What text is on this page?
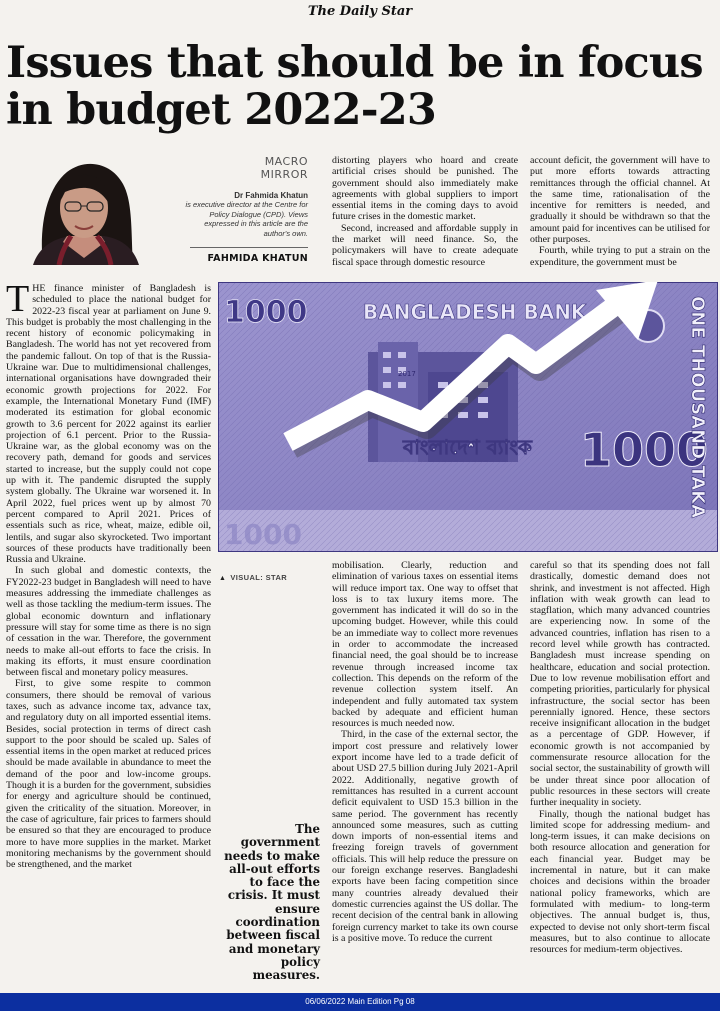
The Daily Star
Issues that should be in focus in budget 2022-23
MACRO
MIRROR
Dr Fahmida Khatun
is executive director at the Centre for Policy Dialogue (CPD). Views expressed in this article are the author's own.
FAHMIDA KHATUN

distorting players who hoard and create artificial crises should be punished. The government should also immediately make agreements with global suppliers to import essential items in the coming days to avoid future crises in the domestic market.

Second, increased and affordable supply in the market will need finance. So, the policymakers will have to create adequate fiscal space through domestic resource

account deficit, the government will have to put more efforts towards attracting remittances through the official channel. At the same time, rationalisation of the incentive for remitters is needed, and gradually it should be withdrawn so that the amount paid for incentives can be utilised for other purposes.

Fourth, while trying to put a strain on the expenditure, the government must be

THE finance minister of Bangladesh is scheduled to place the national budget for 2022-23 fiscal year at parliament on June 9. This budget is probably the most challenging in the recent history of economic policymaking in Bangladesh. The world has not yet recovered from the pandemic fallout. On top of that is the Russia-Ukraine war. Due to multidimensional challenges, international organisations have downgraded their economic growth projections for 2022. For example, the International Monetary Fund (IMF) moderated its estimation for global economic growth to 3.6 percent for 2022 against its earlier projection of 6.1 percent. Prior to the Russia-Ukraine war, as the global economy was on the recovery path, demand for goods and services started to increase, but the supply could not cope up with it. The pandemic disrupted the supply system globally. The Ukraine war worsened it. In April 2022, fuel prices went up by almost 70 percent compared to April 2021. Prices of essentials such as rice, wheat, maize, edible oil, lentils, and sugar also skyrocketed. Two important sources of these products have traditionally been Russia and Ukraine.

In such global and domestic contexts, the FY2022-23 budget in Bangladesh will need to have measures addressing the immediate challenges as well as those tackling the medium-term issues. The global economic downturn and inflationary pressure will stay for some time as there is no sign of cessation in the war. Therefore, the government needs to make all-out efforts to face the crisis. In making its efforts, it must ensure coordination between fiscal and monetary policy measures.

First, to give some respite to common consumers, there should be removal of various taxes, such as advance income tax, advance tax, and regulatory duty on all imported essential items. Besides, social protection in terms of direct cash support to the poor should be scaled up. Sales of essential items in the open market at reduced prices should be made available in abundance to meet the demand of the poor and low-income groups. Though it is a burden for the government, subsidies for energy and agriculture should be continued, given the criticality of the situation. Moreover, in the case of agriculture, fair prices to farmers should be ensured so that they are encouraged to produce more to have more supplies in the market. Market monitoring mechanisms by the government should be strengthened, and the market

1000	BANGLADESH BANK
2017
বাংলাদেশ ব্যাংক 1000
ONE THOUSAND TAKA
1000
▲ VISUAL: STAR

mobilisation. Clearly, reduction and elimination of various taxes on essential items will reduce import tax. One way to offset that loss is to tax luxury items more. The government has indicated it will do so in the upcoming budget. However, while this could be an immediate way to collect more revenues in order to accommodate the increased financial need, the goal should be to increase revenue through increased income tax collection. This depends on the reform of the revenue collection system itself. An independent and fully automated tax system backed by adequate and efficient human resources is much needed now.

Third, in the case of the external sector, the import cost pressure and relatively lower export income have led to a trade deficit of about USD 27.5 billion during July 2021-April 2022. Additionally, negative growth of remittances has resulted in a current account deficit equivalent to USD 15.3 billion in the same period. The government has recently announced some measures, such as cutting down imports of non-essential items and freezing foreign travels of government officials. This will help reduce the pressure on our foreign exchange reserves. Bangladeshi exports have been facing competition since many countries already devalued their domestic currencies against the US dollar. The recent decision of the central bank in allowing foreign currency market to take its own course is a positive move. To reduce the current

careful so that its spending does not fall drastically, domestic demand does not shrink, and investment is not affected. High inflation with weak growth can lead to stagflation, which many advanced countries are experiencing now. In some of the advanced countries, inflation has risen to a record level while growth has contracted. Bangladesh must increase spending on healthcare, education and social protection. Due to low revenue mobilisation effort and competing priorities, particularly for physical infrastructure, the social sector has been perennially ignored. Hence, these sectors receive insignificant allocation in the budget as a percentage of GDP. However, if economic growth is not accompanied by commensurate resource allocation for the social sector, the sustainability of growth will be under threat since poor allocation of public resources in these sectors will create further inequality in society.

Finally, though the national budget has limited scope for addressing medium- and long-term issues, it can make decisions on both resource allocation and generation for each financial year. Budget may be incremental in nature, but it can make choices and decisions within the broader national policy frameworks, which are formulated with medium- to long-term objectives. The annual budget is, thus, expected to devise not only short-term fiscal measures, but to also continue to allocate resources for medium-term objectives.

The government needs to make all-out efforts to face the crisis. It must ensure coordination between fiscal and monetary policy measures.
06/06/2022 Main Edition Pg 08
